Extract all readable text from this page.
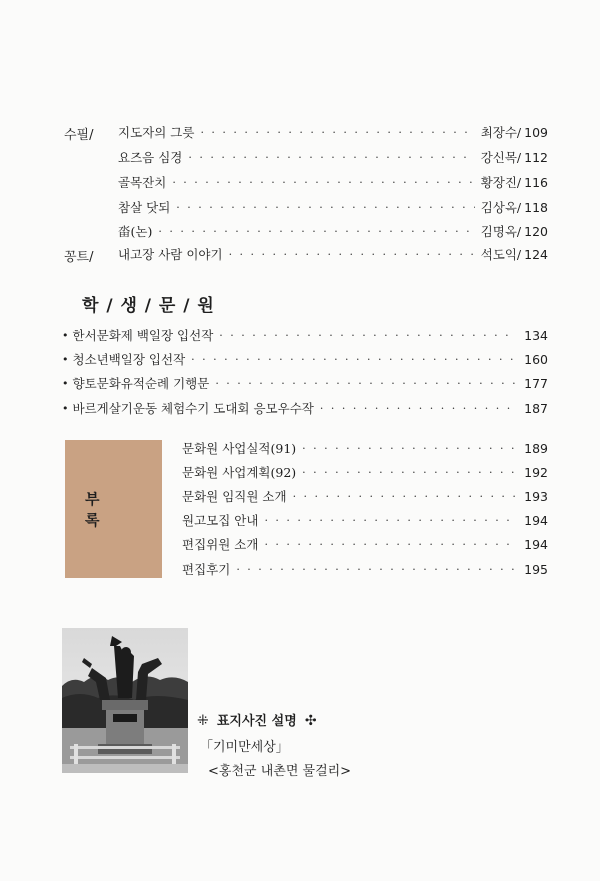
수필/ 지도자의 그릇 · · ·	최장수/ 109
요즈음 심경 · · ·	강신목/ 112
골목잔치 · · ·	황장진/ 116
참살 닷되 · · ·	김상옥/ 118
畓(논) · · ·	김명옥/ 120
꽁트/ 내고장 사람 이야기 · · ·	석도익/ 124
학 / 생 / 문 / 원
• 한서문화제 백일장 입선작 · · ·	134
• 청소년백일장 입선작 · · ·	160
• 향토문화유적순례 기행문 · · ·	177
• 바르게살기운동 체험수기 도대회 응모우수작 · · ·	187
부 록
문화원 사업실적(91) · · ·	189
문화원 사업계획(92) · · ·	192
문화원 임직원 소개 · · ·	193
원고모집 안내 · · ·	194
편집위원 소개 · · ·	194
편집후기 · · ·	195
⁜ 표지사진 설명 ✣
「기미만세상」
<홍천군 내촌면 물걸리>
